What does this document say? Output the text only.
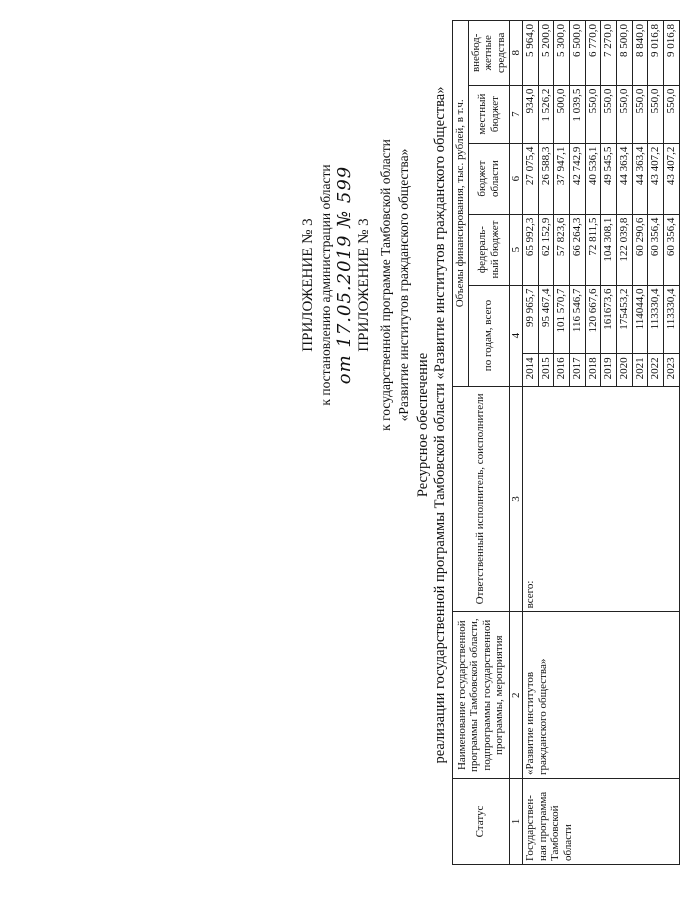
ПРИЛОЖЕНИЕ № 3 к постановлению администрации области от 17.05.2019 № 599 ПРИЛОЖЕНИЕ № 3 к государственной программе Тамбовской области «Развитие институтов гражданского общества»
Ресурсное обеспечение реализации государственной программы Тамбовской области «Развитие институтов гражданского общества»
Статус	Наименование государственной программы Тамбовской области, подпрограммы государственной программы, мероприятия	Ответственный исполнитель, соисполнители	Объемы финансирования, тыс. рублей, в т.ч.					
			по годам, всего		федераль-ный бюджет	бюджет области	местный бюджет	внебюд-жетные средства
1	2	3	4		5	6	7	8
Государствен-ная программа Тамбовской области	«Развитие институтов гражданского общества»	всего:	2014	99 965,7	65 992,3	27 075,4	934,0	5 964,0
			2015	95 467,4	62 152,9	26 588,3	1 526,2	5 200,0
			2016	101 570,7	57 823,6	37 947,1	500,0	5 300,0
			2017	116 546,7	66 264,3	42 742,9	1 039,5	6 500,0
			2018	120 667,6	72 811,5	40 536,1	550,0	6 770,0
			2019	161673,6	104 308,1	49 545,5	550,0	7 270,0
			2020	175453,2	122 039,8	44 363,4	550,0	8 500,0
			2021	114044,0	60 290,6	44 363,4	550,0	8 840,0
			2022	113330,4	60 356,4	43 407,2	550,0	9 016,8
			2023	113330,4	60 356,4	43 407,2	550,0	9 016,8
